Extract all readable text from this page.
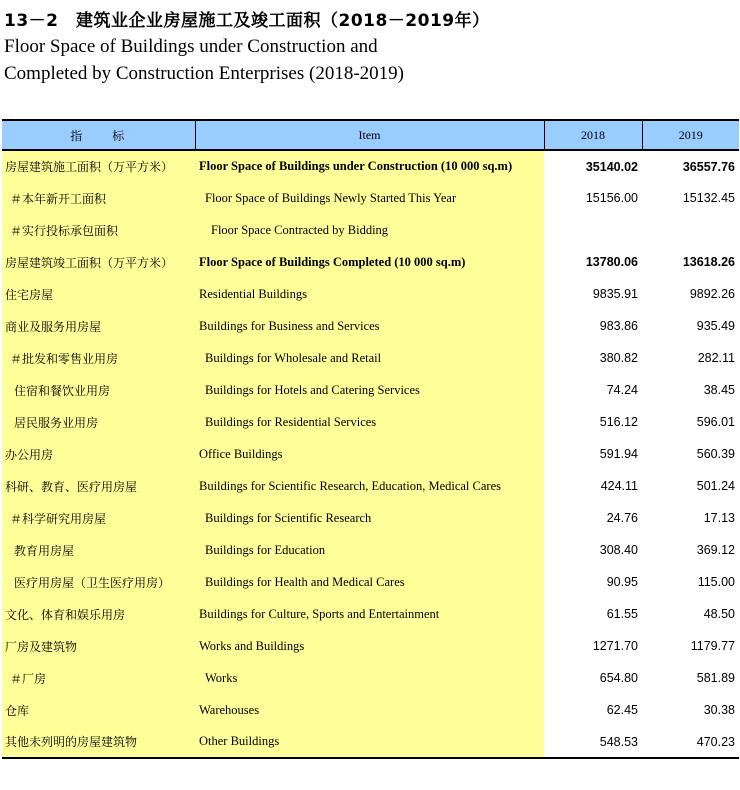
13－2　建筑业企业房屋施工及竣工面积（2018－2019年）
Floor Space of Buildings under Construction and
Completed by Construction Enterprises (2018-2019)
指　　标	Item	2018	2019
房屋建筑施工面积（万平方米）	Floor Space of Buildings under Construction (10 000 sq.m)	35140.02	36557.76
＃本年新开工面积	Floor Space of Buildings Newly Started This Year	15156.00	15132.45
＃实行投标承包面积	Floor Space Contracted by Bidding		
房屋建筑竣工面积（万平方米）	Floor Space of Buildings Completed (10 000 sq.m)	13780.06	13618.26
住宅房屋	Residential Buildings	9835.91	9892.26
商业及服务用房屋	Buildings for Business and Services	983.86	935.49
＃批发和零售业用房	Buildings for Wholesale and Retail	380.82	282.11
住宿和餐饮业用房	Buildings for Hotels and Catering Services	74.24	38.45
居民服务业用房	Buildings for Residential Services	516.12	596.01
办公用房	Office Buildings	591.94	560.39
科研、教育、医疗用房屋	Buildings for Scientific Research, Education, Medical Cares	424.11	501.24
＃科学研究用房屋	Buildings for Scientific Research	24.76	17.13
教育用房屋	Buildings for Education	308.40	369.12
医疗用房屋（卫生医疗用房）	Buildings for Health and Medical Cares	90.95	115.00
文化、体育和娱乐用房	Buildings for Culture, Sports and Entertainment	61.55	48.50
厂房及建筑物	Works and Buildings	1271.70	1179.77
＃厂房	Works	654.80	581.89
仓库	Warehouses	62.45	30.38
其他未列明的房屋建筑物	Other Buildings	548.53	470.23
